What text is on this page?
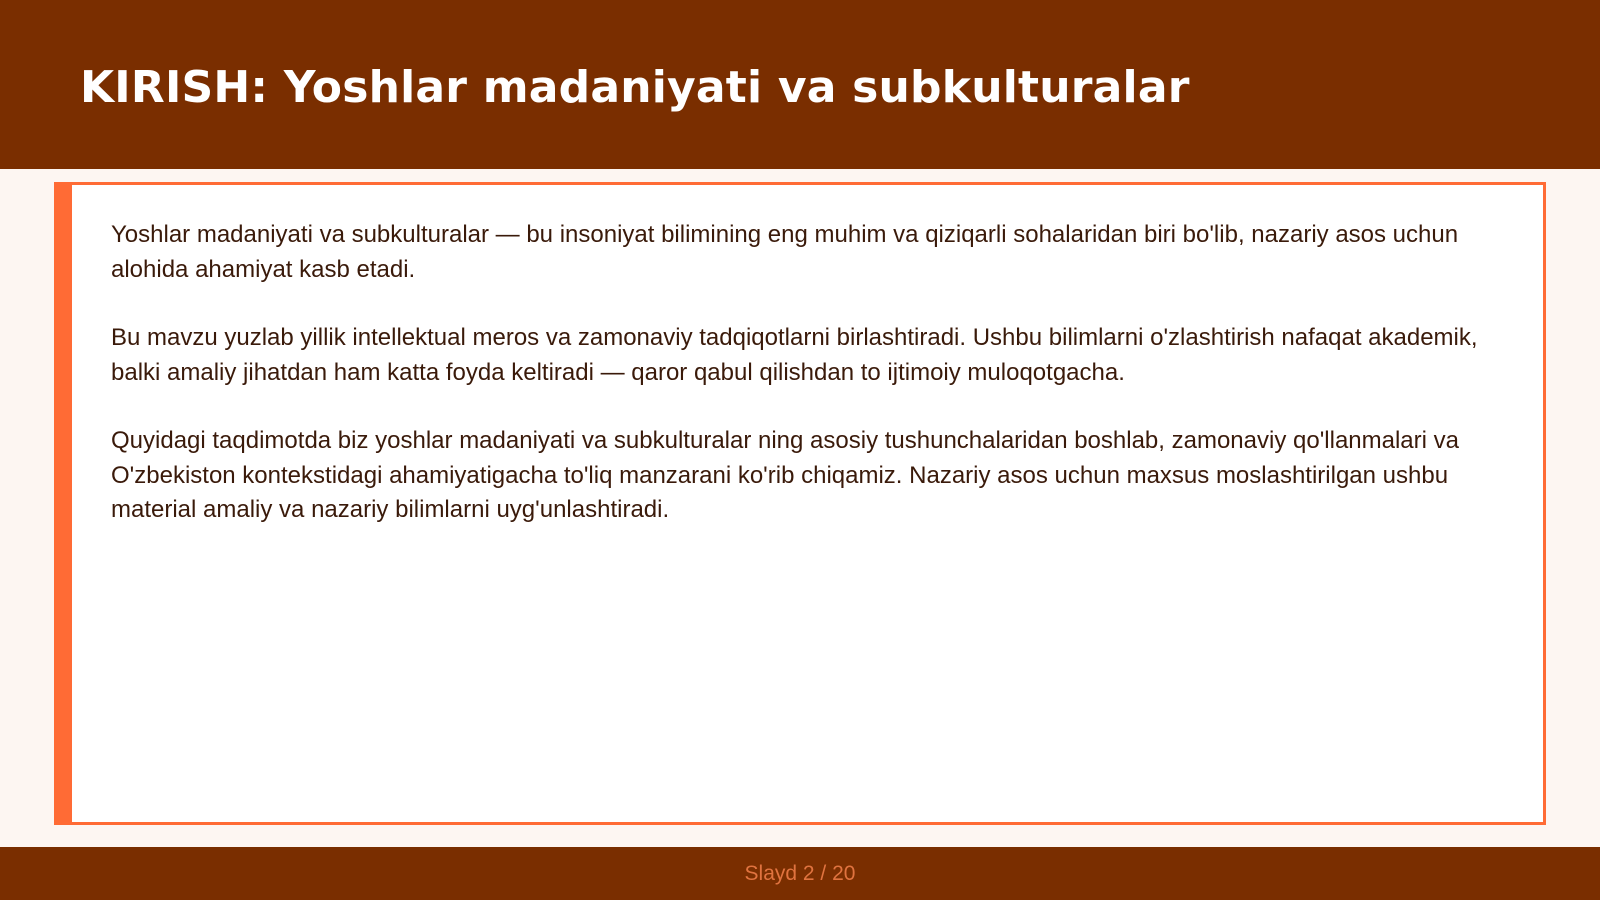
KIRISH: Yoshlar madaniyati va subkulturalar

Yoshlar madaniyati va subkulturalar — bu insoniyat bilimining eng muhim va qiziqarli sohalaridan biri bo'lib, nazariy asos uchun alohida ahamiyat kasb etadi.

Bu mavzu yuzlab yillik intellektual meros va zamonaviy tadqiqotlarni birlashtiradi. Ushbu bilimlarni o'zlashtirish nafaqat akademik, balki amaliy jihatdan ham katta foyda keltiradi — qaror qabul qilishdan to ijtimoiy muloqotgacha.

Quyidagi taqdimotda biz yoshlar madaniyati va subkulturalar ning asosiy tushunchalaridan boshlab, zamonaviy qo'llanmalari va O'zbekiston kontekstidagi ahamiyatigacha to'liq manzarani ko'rib chiqamiz. Nazariy asos uchun maxsus moslashtirilgan ushbu material amaliy va nazariy bilimlarni uyg'unlashtiradi.

Slayd 2 / 20
